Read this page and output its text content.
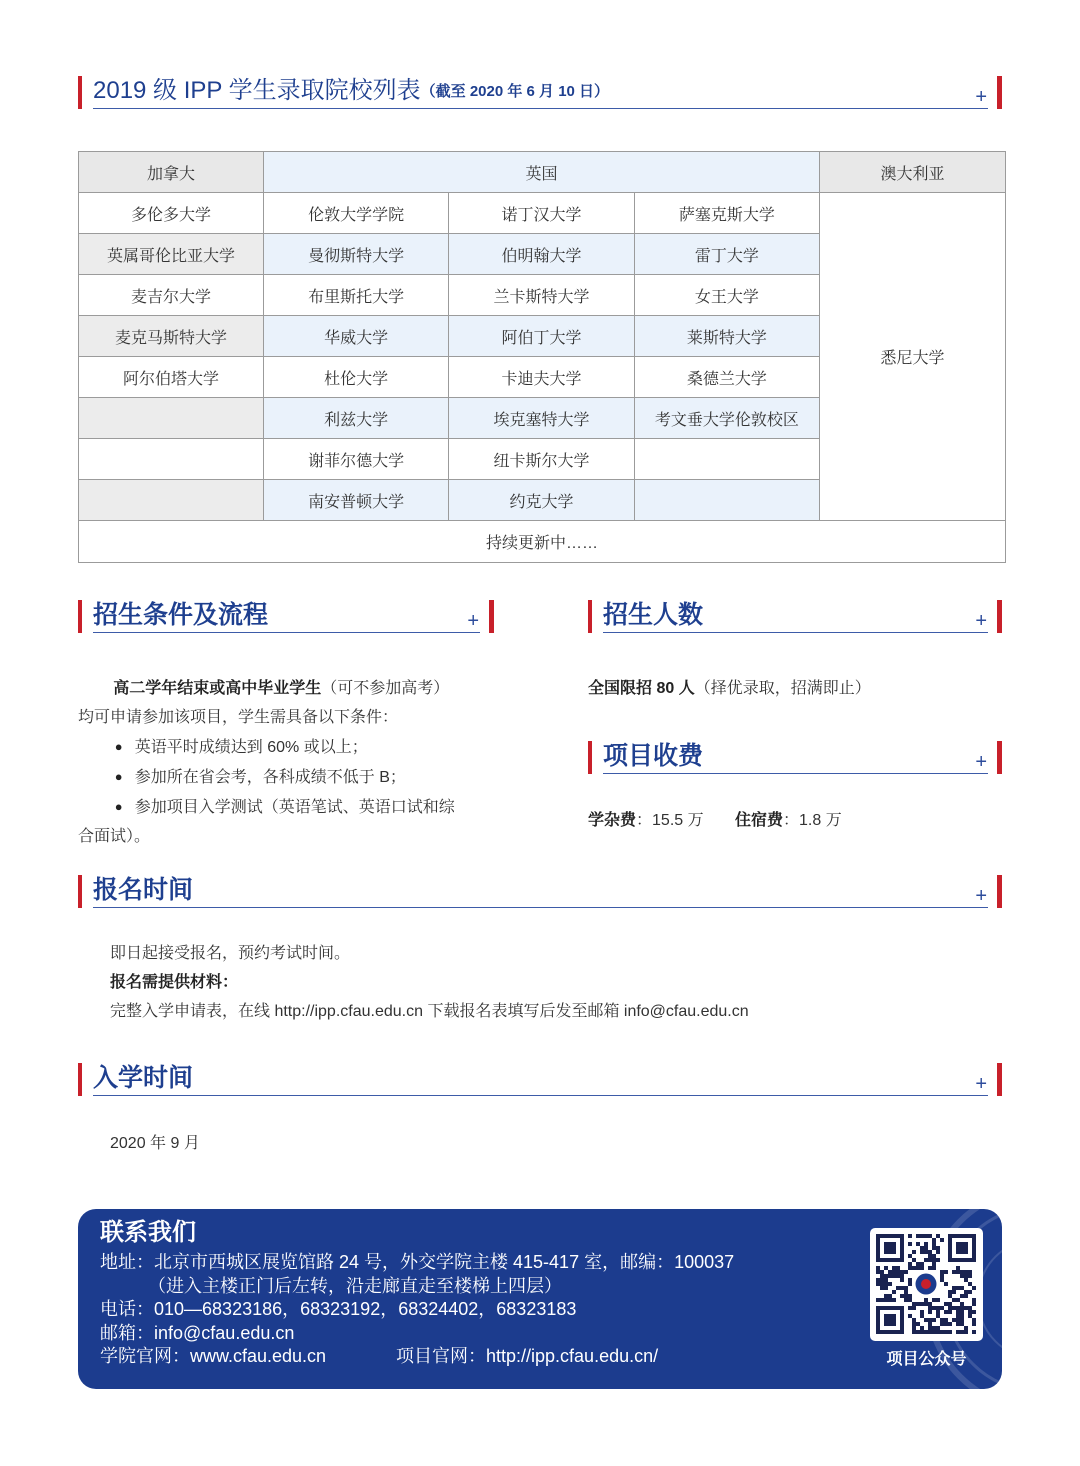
2019 级 IPP 学生录取院校列表（截至 2020 年 6 月 10 日）	+
加拿大	英国			澳大利亚
多伦多大学	伦敦大学学院	诺丁汉大学	萨塞克斯大学	悉尼大学
英属哥伦比亚大学	曼彻斯特大学	伯明翰大学	雷丁大学	
麦吉尔大学	布里斯托大学	兰卡斯特大学	女王大学	
麦克马斯特大学	华威大学	阿伯丁大学	莱斯特大学	
阿尔伯塔大学	杜伦大学	卡迪夫大学	桑德兰大学	
	利兹大学	埃克塞特大学	考文垂大学伦敦校区	
	谢菲尔德大学	纽卡斯尔大学		
	南安普顿大学	约克大学		
持续更新中……				
招生条件及流程	+

高二学年结束或高中毕业学生（可不参加高考）均可申请参加该项目，学生需具备以下条件：

● 英语平时成绩达到 60% 或以上；

● 参加所在省会考，各科成绩不低于 B；

● 参加项目入学测试（英语笔试、英语口试和综合面试）。

招生人数	+
全国限招 80 人（择优录取，招满即止）
项目收费	+
学杂费：15.5 万 住宿费：1.8 万
报名时间	+

即日起接受报名，预约考试时间。

报名需提供材料：

完整入学申请表，在线 http://ipp.cfau.edu.cn 下载报名表填写后发至邮箱 info@cfau.edu.cn

入学时间	+
2020 年 9 月
联系我们
地址：北京市西城区展览馆路 24 号，外交学院主楼 415-417 室，邮编：100037
（进入主楼正门后左转，沿走廊直走至楼梯上四层）
电话：010—68323186，68323192，68324402，68323183
邮箱：info@cfau.edu.cn
学院官网：www.cfau.edu.cn	项目官网：http://ipp.cfau.edu.cn/	项目公众号
